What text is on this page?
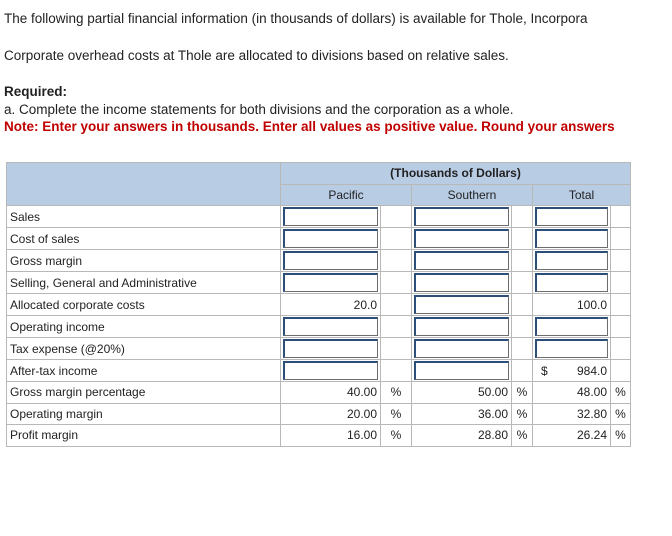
The following partial financial information (in thousands of dollars) is available for Thole, Incorpora
Corporate overhead costs at Thole are allocated to divisions based on relative sales.
Required:
a. Complete the income statements for both divisions and the corporation as a whole.
Note: Enter your answers in thousands. Enter all values as positive value. Round your answers
	(Thousands of Dollars)					
	Pacific		Southern		Total	
Sales						
Cost of sales						
Gross margin						
Selling, General and Administrative						
Allocated corporate costs	20.0				100.0	
Operating income						
Tax expense (@20%)						
After-tax income					$ 984.0	

Gross margin percentage	40.00	%	50.00	%	48.00	%
Operating margin	20.00	%	36.00	%	32.80	%
Profit margin	16.00	%	28.80	%	26.24	%
